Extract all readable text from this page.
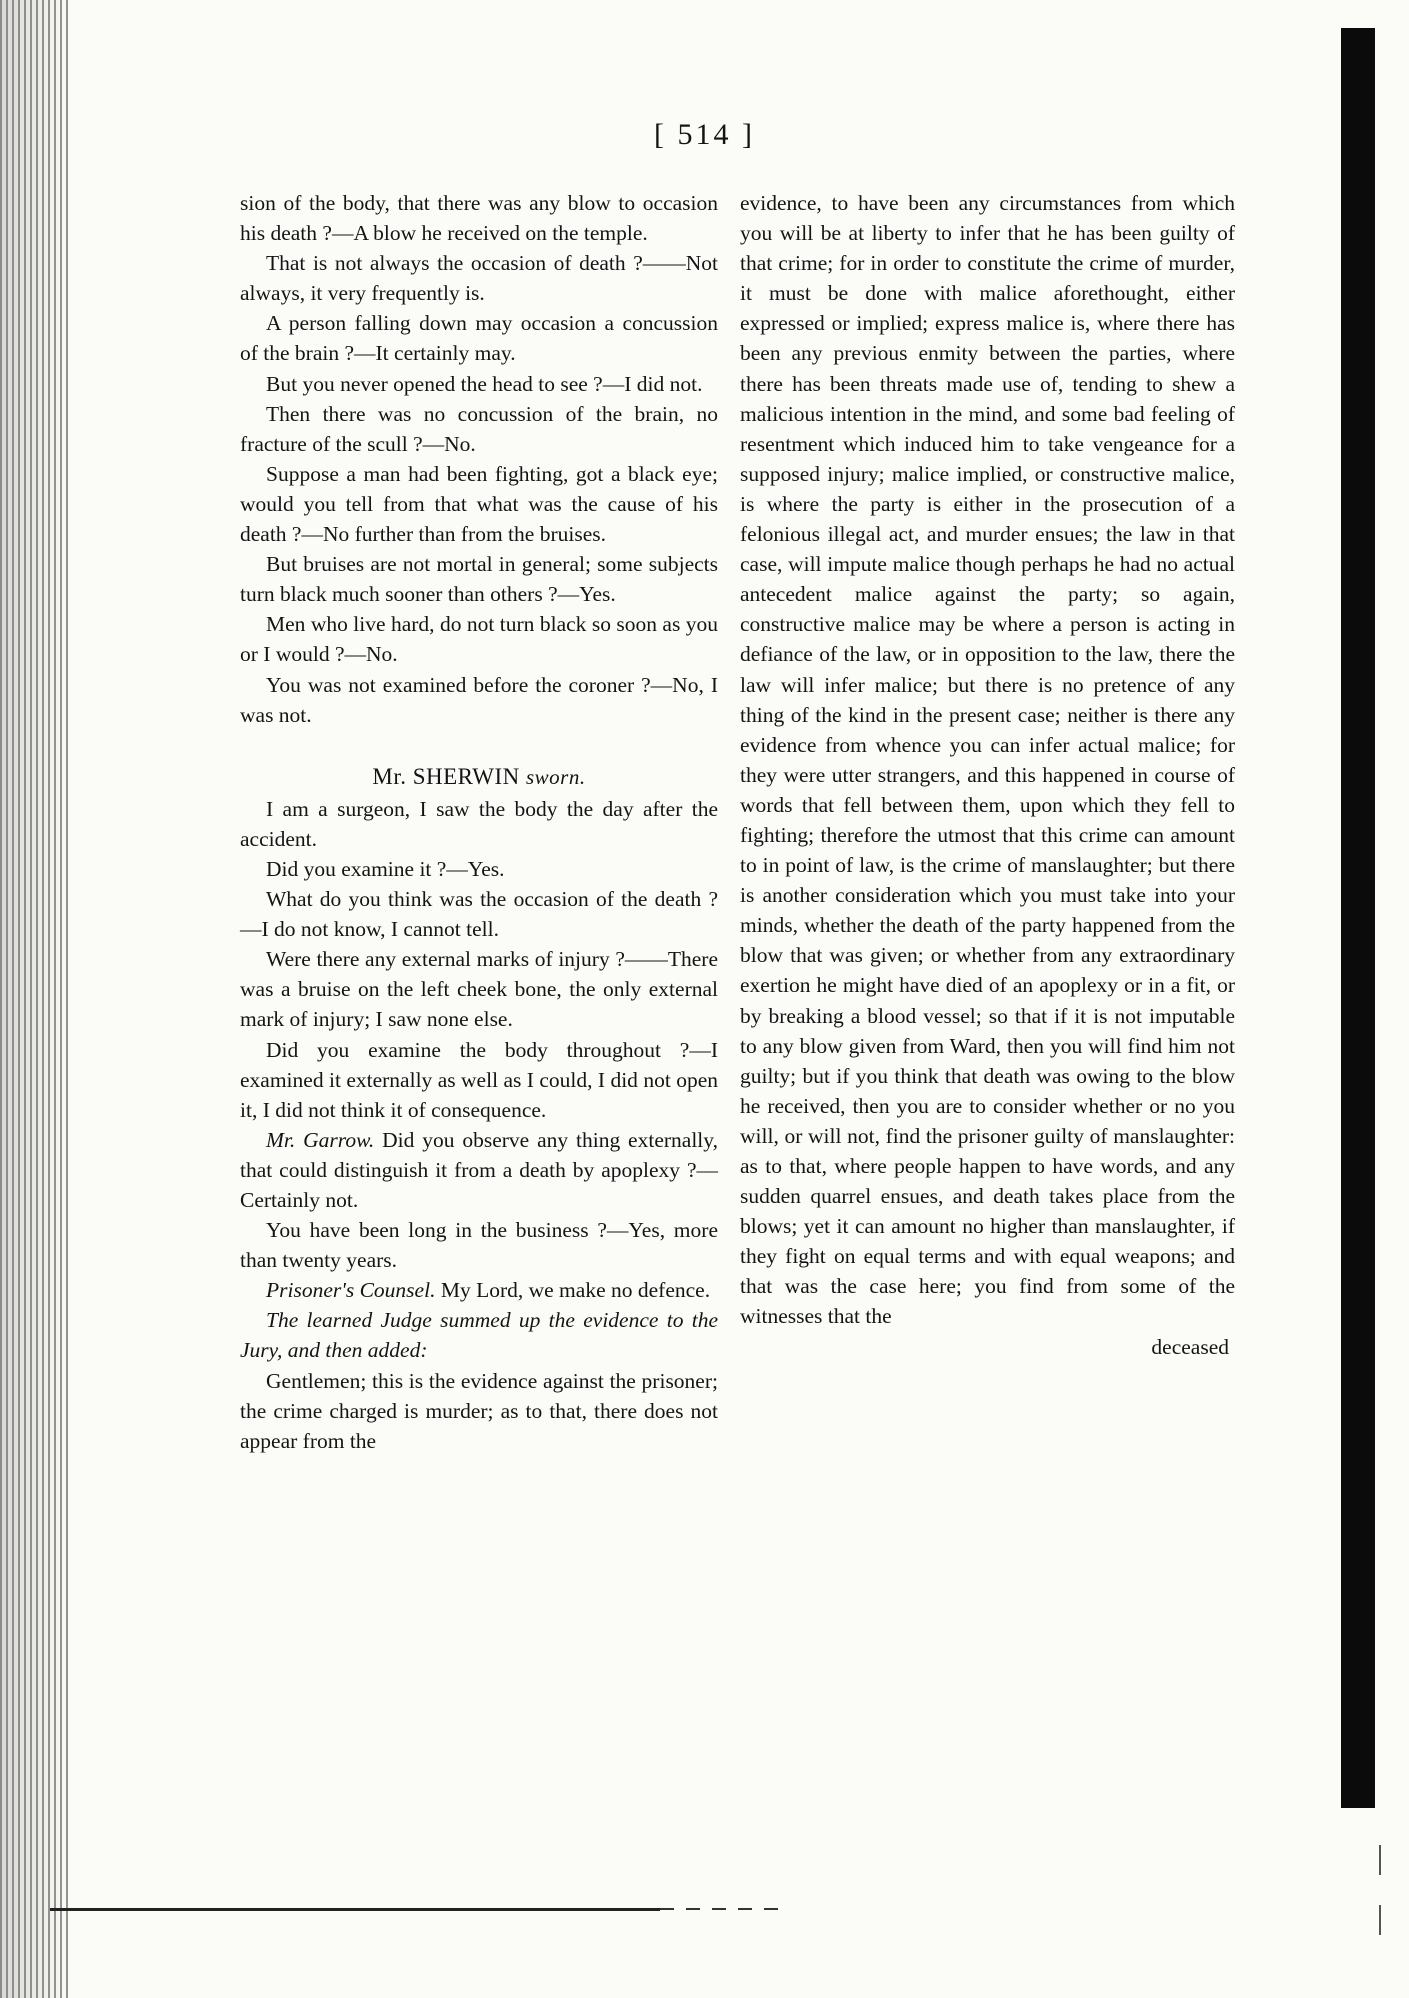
[ 514 ]

sion of the body, that there was any blow to occasion his death ?—A blow he received on the temple.

That is not always the occasion of death ?——Not always, it very frequently is.

A person falling down may occasion a concussion of the brain ?—It certainly may.

But you never opened the head to see ?—I did not.

Then there was no concussion of the brain, no fracture of the scull ?—No.

Suppose a man had been fighting, got a black eye; would you tell from that what was the cause of his death ?—No further than from the bruises.

But bruises are not mortal in general; some subjects turn black much sooner than others ?—Yes.

Men who live hard, do not turn black so soon as you or I would ?—No.

You was not examined before the coroner ?—No, I was not.

Mr. SHERWIN sworn.

I am a surgeon, I saw the body the day after the accident.

Did you examine it ?—Yes.

What do you think was the occasion of the death ?—I do not know, I cannot tell.

Were there any external marks of injury ?——There was a bruise on the left cheek bone, the only external mark of injury; I saw none else.

Did you examine the body throughout ?—I examined it externally as well as I could, I did not open it, I did not think it of consequence.

Mr. Garrow. Did you observe any thing externally, that could distinguish it from a death by apoplexy ?—Certainly not.

You have been long in the business ?—Yes, more than twenty years.

Prisoner's Counsel. My Lord, we make no defence.

The learned Judge summed up the evidence to the Jury, and then added:

Gentlemen; this is the evidence against the prisoner; the crime charged is murder; as to that, there does not appear from the

evidence, to have been any circumstances from which you will be at liberty to infer that he has been guilty of that crime; for in order to constitute the crime of murder, it must be done with malice aforethought, either expressed or implied; express malice is, where there has been any previous enmity between the parties, where there has been threats made use of, tending to shew a malicious intention in the mind, and some bad feeling of resentment which induced him to take vengeance for a supposed injury; malice implied, or constructive malice, is where the party is either in the prosecution of a felonious illegal act, and murder ensues; the law in that case, will impute malice though perhaps he had no actual antecedent malice against the party; so again, constructive malice may be where a person is acting in defiance of the law, or in opposition to the law, there the law will infer malice; but there is no pretence of any thing of the kind in the present case; neither is there any evidence from whence you can infer actual malice; for they were utter strangers, and this happened in course of words that fell between them, upon which they fell to fighting; therefore the utmost that this crime can amount to in point of law, is the crime of manslaughter; but there is another consideration which you must take into your minds, whether the death of the party happened from the blow that was given; or whether from any extraordinary exertion he might have died of an apoplexy or in a fit, or by breaking a blood vessel; so that if it is not imputable to any blow given from Ward, then you will find him not guilty; but if you think that death was owing to the blow he received, then you are to consider whether or no you will, or will not, find the prisoner guilty of manslaughter: as to that, where people happen to have words, and any sudden quarrel ensues, and death takes place from the blows; yet it can amount no higher than manslaughter, if they fight on equal terms and with equal weapons; and that was the case here; you find from some of the witnesses that the

deceased
